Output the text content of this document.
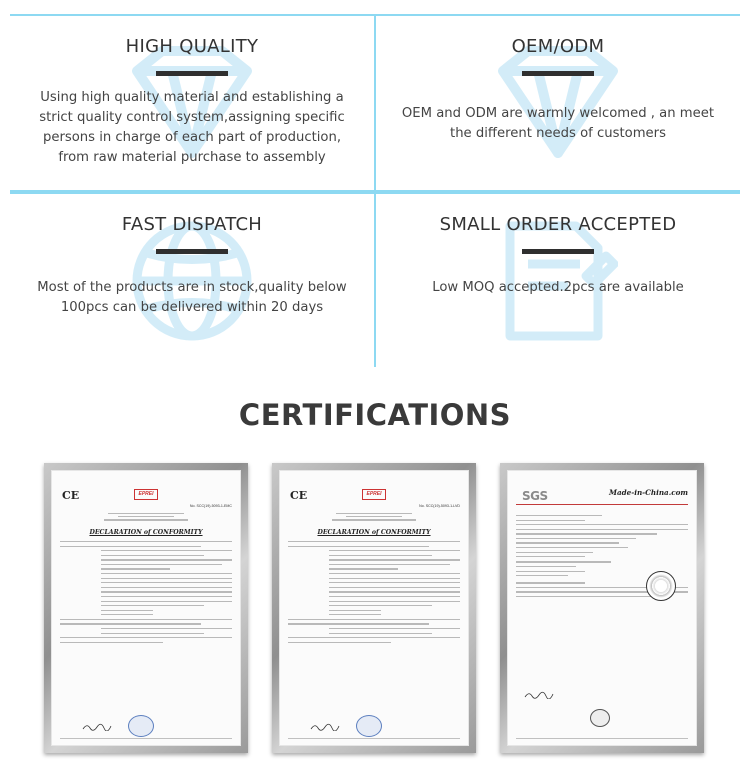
HIGH QUALITY

Using high quality material and establishing a strict quality control system,assigning specific persons in charge of each part of production, from raw material purchase to assembly

OEM/ODM

OEM and ODM are warmly welcomed , an meet the different needs of customers

FAST DISPATCH

Most of the products are in stock,quality below 100pcs can be delivered within 20 days

SMALL ORDER ACCEPTED

Low MOQ accepted.2pcs are available

CERTIFICATIONS
CE	EPREI
No. SCC(19)-5093-1-EMC
DECLARATION of CONFORMITY
CE	EPREI
No. SCC(19)-5093-1-LVD
DECLARATION of CONFORMITY
SGS	Made-in-China.com
